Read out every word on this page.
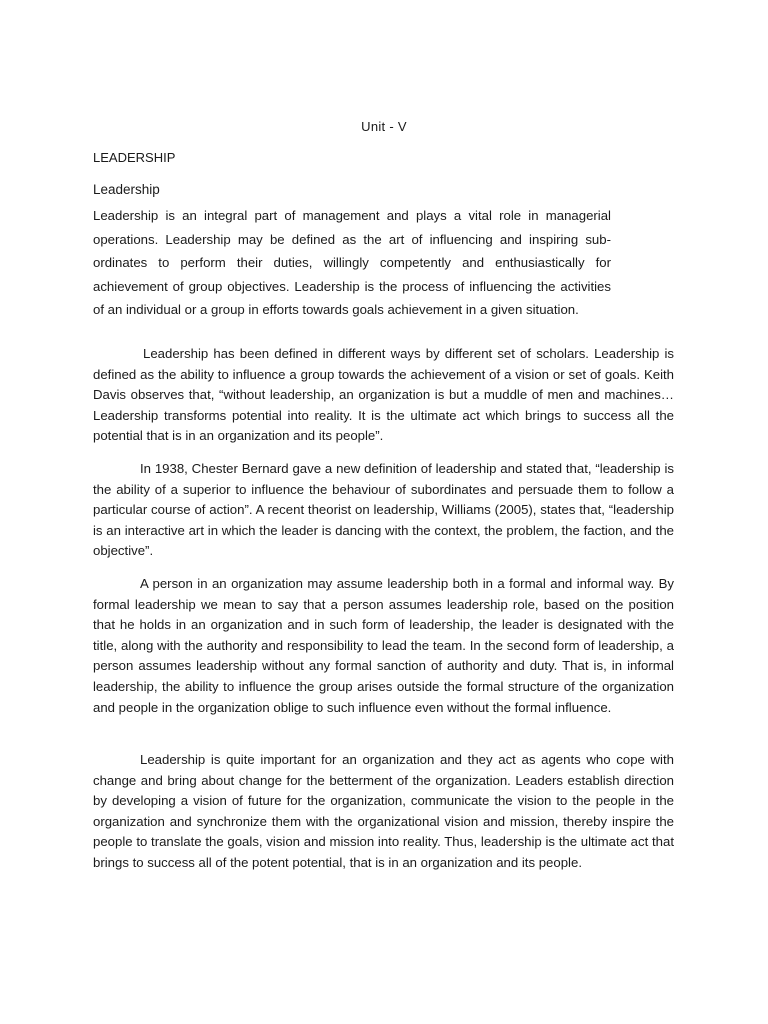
Unit - V
LEADERSHIP
Leadership

Leadership is an integral part of management and plays a vital role in managerial operations. Leadership may be defined as the art of influencing and inspiring sub-ordinates to perform their duties, willingly competently and enthusiastically for achievement of group objectives. Leadership is the process of influencing the activities of an individual or a group in efforts towards goals achievement in a given situation.

Leadership has been defined in different ways by different set of scholars. Leadership is defined as the ability to influence a group towards the achievement of a vision or set of goals. Keith Davis observes that, “without leadership, an organization is but a muddle of men and machines…Leadership transforms potential into reality. It is the ultimate act which brings to success all the potential that is in an organization and its people”.

In 1938, Chester Bernard gave a new definition of leadership and stated that, “leadership is the ability of a superior to influence the behaviour of subordinates and persuade them to follow a particular course of action”. A recent theorist on leadership, Williams (2005), states that, “leadership is an interactive art in which the leader is dancing with the context, the problem, the faction, and the objective”.

A person in an organization may assume leadership both in a formal and informal way. By formal leadership we mean to say that a person assumes leadership role, based on the position that he holds in an organization and in such form of leadership, the leader is designated with the title, along with the authority and responsibility to lead the team. In the second form of leadership, a person assumes leadership without any formal sanction of authority and duty. That is, in informal leadership, the ability to influence the group arises outside the formal structure of the organization and people in the organization oblige to such influence even without the formal influence.

Leadership is quite important for an organization and they act as agents who cope with change and bring about change for the betterment of the organization. Leaders establish direction by developing a vision of future for the organization, communicate the vision to the people in the organization and synchronize them with the organizational vision and mission, thereby inspire the people to translate the goals, vision and mission into reality. Thus, leadership is the ultimate act that brings to success all of the potent potential, that is in an organization and its people.
